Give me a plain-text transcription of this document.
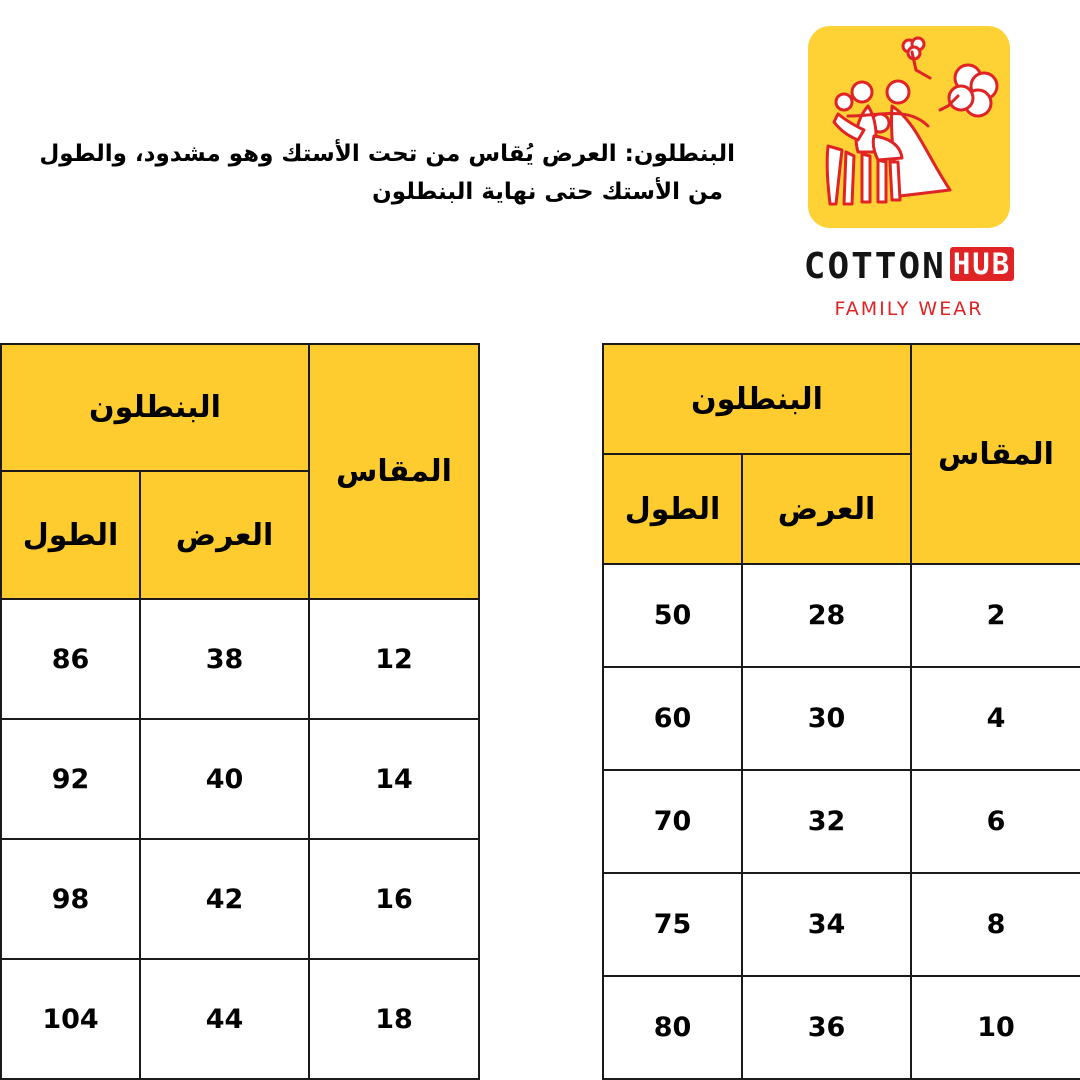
البنطلون: العرض يُقاس من تحت الأستك وهو مشدود، والطول
من الأستك حتى نهاية البنطلون
COTTON HUB
FAMILY WEAR
البنطلون		المقاس
الطول	العرض	
86	38	12
92	40	14
98	42	16
104	44	18
البنطلون		المقاس
الطول	العرض	
50	28	2
60	30	4
70	32	6
75	34	8
80	36	10
